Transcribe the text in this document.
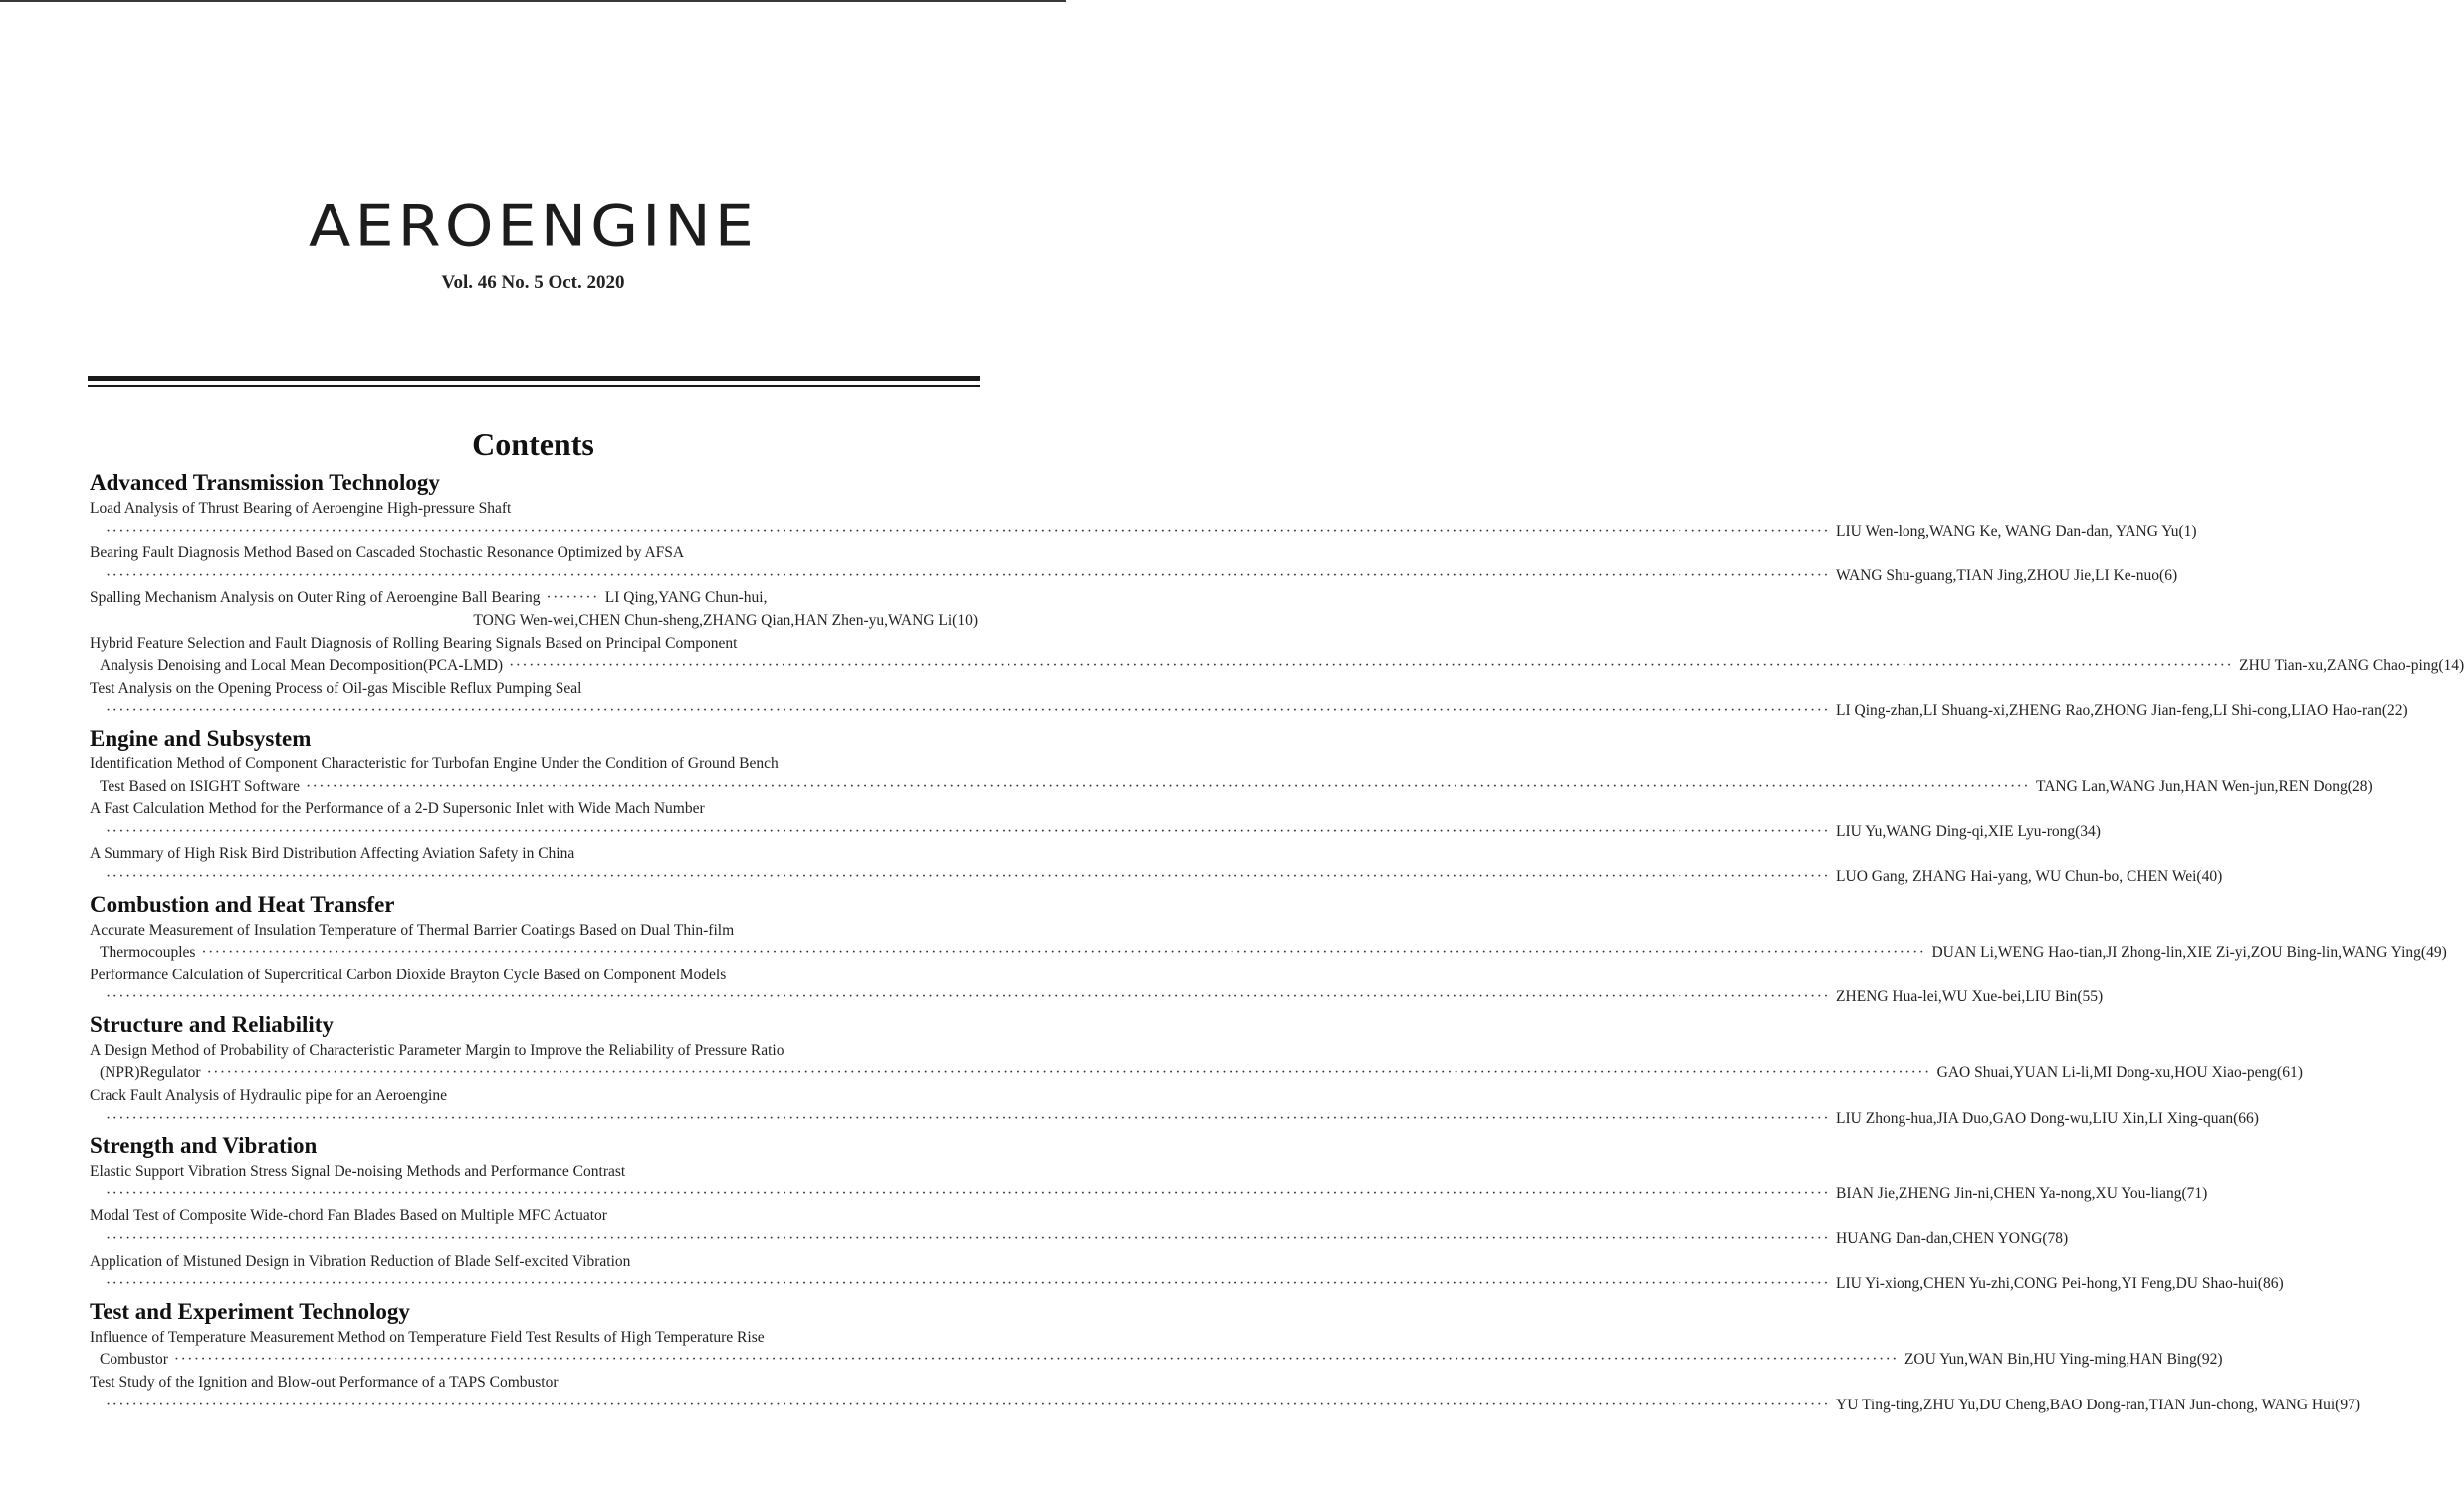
AEROENGINE
Vol. 46 No. 5 Oct. 2020
Contents
Advanced Transmission Technology
Load Analysis of Thrust Bearing of Aeroengine High-pressure Shaft
···································································································································································································································································· LIU Wen-long,WANG Ke, WANG Dan-dan, YANG Yu(1)
Bearing Fault Diagnosis Method Based on Cascaded Stochastic Resonance Optimized by AFSA
···································································································································································································································································· WANG Shu-guang,TIAN Jing,ZHOU Jie,LI Ke-nuo(6)
Spalling Mechanism Analysis on Outer Ring of Aeroengine Ball Bearing ········ LI Qing,YANG Chun-hui,
TONG Wen-wei,CHEN Chun-sheng,ZHANG Qian,HAN Zhen-yu,WANG Li(10)
Hybrid Feature Selection and Fault Diagnosis of Rolling Bearing Signals Based on Principal Component
Analysis Denoising and Local Mean Decomposition(PCA-LMD) ···································································································································································································································································· ZHU Tian-xu,ZANG Chao-ping(14)
Test Analysis on the Opening Process of Oil-gas Miscible Reflux Pumping Seal
···································································································································································································································································· LI Qing-zhan,LI Shuang-xi,ZHENG Rao,ZHONG Jian-feng,LI Shi-cong,LIAO Hao-ran(22)
Engine and Subsystem
Identification Method of Component Characteristic for Turbofan Engine Under the Condition of Ground Bench
Test Based on ISIGHT Software ···································································································································································································································································· TANG Lan,WANG Jun,HAN Wen-jun,REN Dong(28)
A Fast Calculation Method for the Performance of a 2-D Supersonic Inlet with Wide Mach Number
···································································································································································································································································· LIU Yu,WANG Ding-qi,XIE Lyu-rong(34)
A Summary of High Risk Bird Distribution Affecting Aviation Safety in China
···································································································································································································································································· LUO Gang, ZHANG Hai-yang, WU Chun-bo, CHEN Wei(40)
Combustion and Heat Transfer
Accurate Measurement of Insulation Temperature of Thermal Barrier Coatings Based on Dual Thin-film
Thermocouples ···································································································································································································································································· DUAN Li,WENG Hao-tian,JI Zhong-lin,XIE Zi-yi,ZOU Bing-lin,WANG Ying(49)
Performance Calculation of Supercritical Carbon Dioxide Brayton Cycle Based on Component Models
···································································································································································································································································· ZHENG Hua-lei,WU Xue-bei,LIU Bin(55)
Structure and Reliability
A Design Method of Probability of Characteristic Parameter Margin to Improve the Reliability of Pressure Ratio
(NPR)Regulator ···································································································································································································································································· GAO Shuai,YUAN Li-li,MI Dong-xu,HOU Xiao-peng(61)
Crack Fault Analysis of Hydraulic pipe for an Aeroengine
···································································································································································································································································· LIU Zhong-hua,JIA Duo,GAO Dong-wu,LIU Xin,LI Xing-quan(66)
Strength and Vibration
Elastic Support Vibration Stress Signal De-noising Methods and Performance Contrast
···································································································································································································································································· BIAN Jie,ZHENG Jin-ni,CHEN Ya-nong,XU You-liang(71)
Modal Test of Composite Wide-chord Fan Blades Based on Multiple MFC Actuator
···································································································································································································································································· HUANG Dan-dan,CHEN YONG(78)
Application of Mistuned Design in Vibration Reduction of Blade Self-excited Vibration
···································································································································································································································································· LIU Yi-xiong,CHEN Yu-zhi,CONG Pei-hong,YI Feng,DU Shao-hui(86)
Test and Experiment Technology
Influence of Temperature Measurement Method on Temperature Field Test Results of High Temperature Rise
Combustor ···································································································································································································································································· ZOU Yun,WAN Bin,HU Ying-ming,HAN Bing(92)
Test Study of the Ignition and Blow-out Performance of a TAPS Combustor
···································································································································································································································································· YU Ting-ting,ZHU Yu,DU Cheng,BAO Dong-ran,TIAN Jun-chong, WANG Hui(97)
